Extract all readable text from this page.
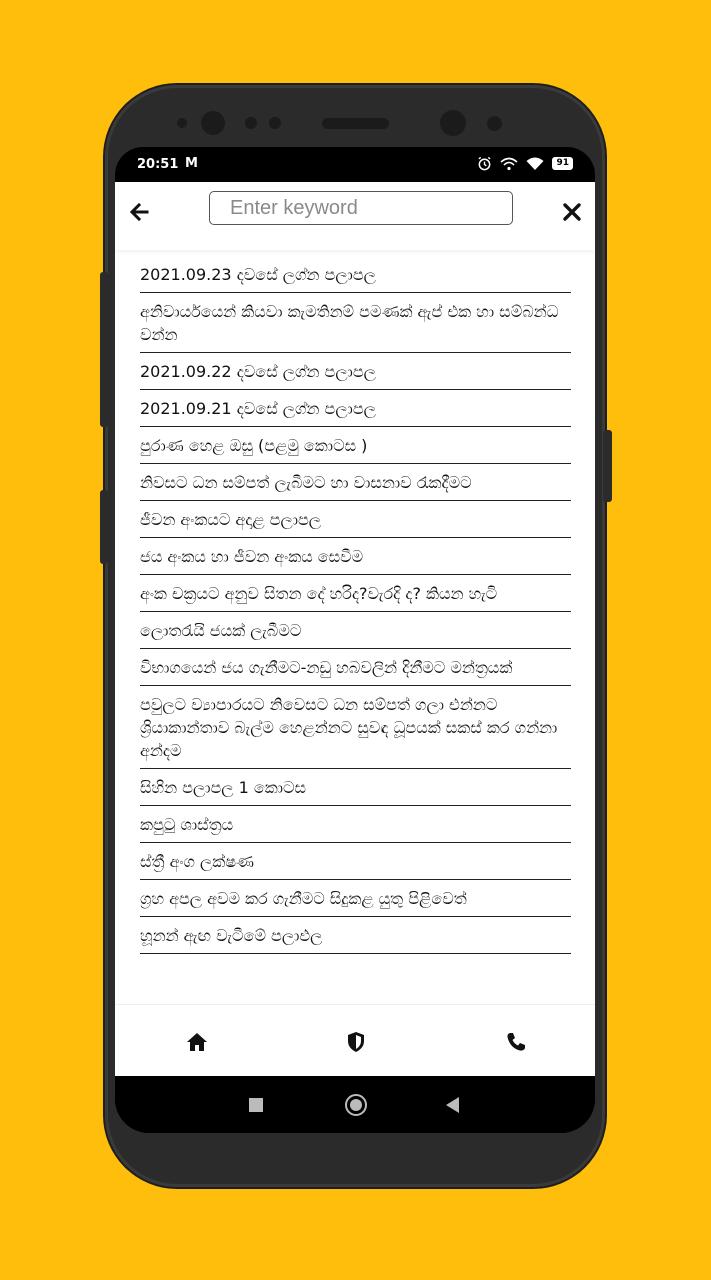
20:51 M	91
Enter keyword
2021.09.23 දවසේ ලග්න පලාපල
අනිවාර්යයෙන් කියවා කැමතිනම් පමණක් ඇප් එක හා සම්බන්ධ වන්න
2021.09.22 දවසේ ලග්න පලාපල
2021.09.21 දවසේ ලග්න පලාපල
පුරාණ හෙළ ඔසු (පළමු කොටස )
නිවසට ධන සම්පත් ලැබීමට හා වාසනාව රැකදීමට
ජීවන අංකයට අදාළ පලාපල
ජය අංකය හා ජීවන අංකය සෙවීම
අංක චක්‍රයට අනුව සිතන දේ හරිද?වැරදි ද? කියන හැටි
ලොතරැයි ජයක් ලැබීමට
විභාගයෙන් ජය ගැනීමට-නඩු හබවලින් දිනීමට මන්ත්‍රයක්
පවුලට ව්‍යාපාරයට නිවෙසට ධන සම්පත් ගලා එන්නට ශ්‍රියාකාන්තාව බැල්ම හෙළන්නට සුවඳ ධූපයක් සකස් කර ගන්නා අන්දම
සිහින පලාපල 1 කොටස
කපුටු ශාස්ත්‍රය
ස්ත්‍රී අංග ලක්ෂණ
ග්‍රහ අපල අවම කර ගැනීමට සිදුකළ යුතු පිළිවෙත්
හූනන් ඇඟ වැටීමේ පලාඵල
